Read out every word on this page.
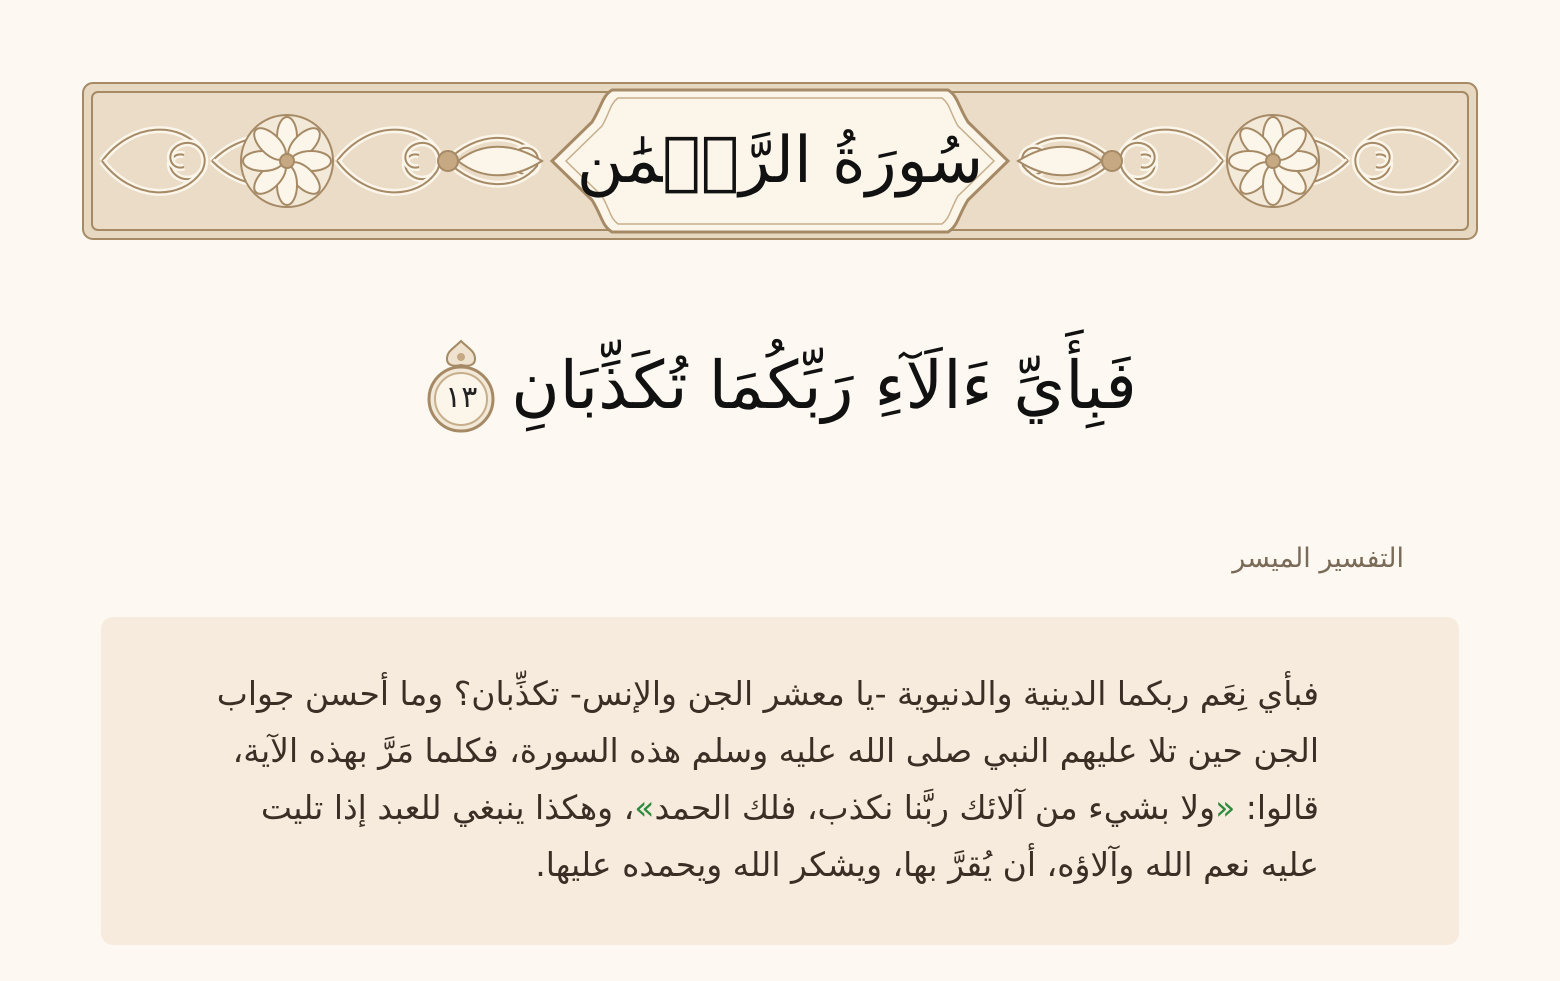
سُورَةُ الرَّحۡمَٰن
فَبِأَيِّ ءَالَآءِ رَبِّكُمَا تُكَذِّبَانِ
١٣
التفسير الميسر

فبأي نِعَم ربكما الدينية والدنيوية -يا معشر الجن والإنس- تكذِّبان؟ وما أحسن جواب الجن حين تلا عليهم النبي صلى الله عليه وسلم هذه السورة، فكلما مَرَّ بهذه الآية، قالوا: «ولا بشيء من آلائك ربَّنا نكذب، فلك الحمد»، وهكذا ينبغي للعبد إذا تليت عليه نعم الله وآلاؤه، أن يُقرَّ بها، ويشكر الله ويحمده عليها.
